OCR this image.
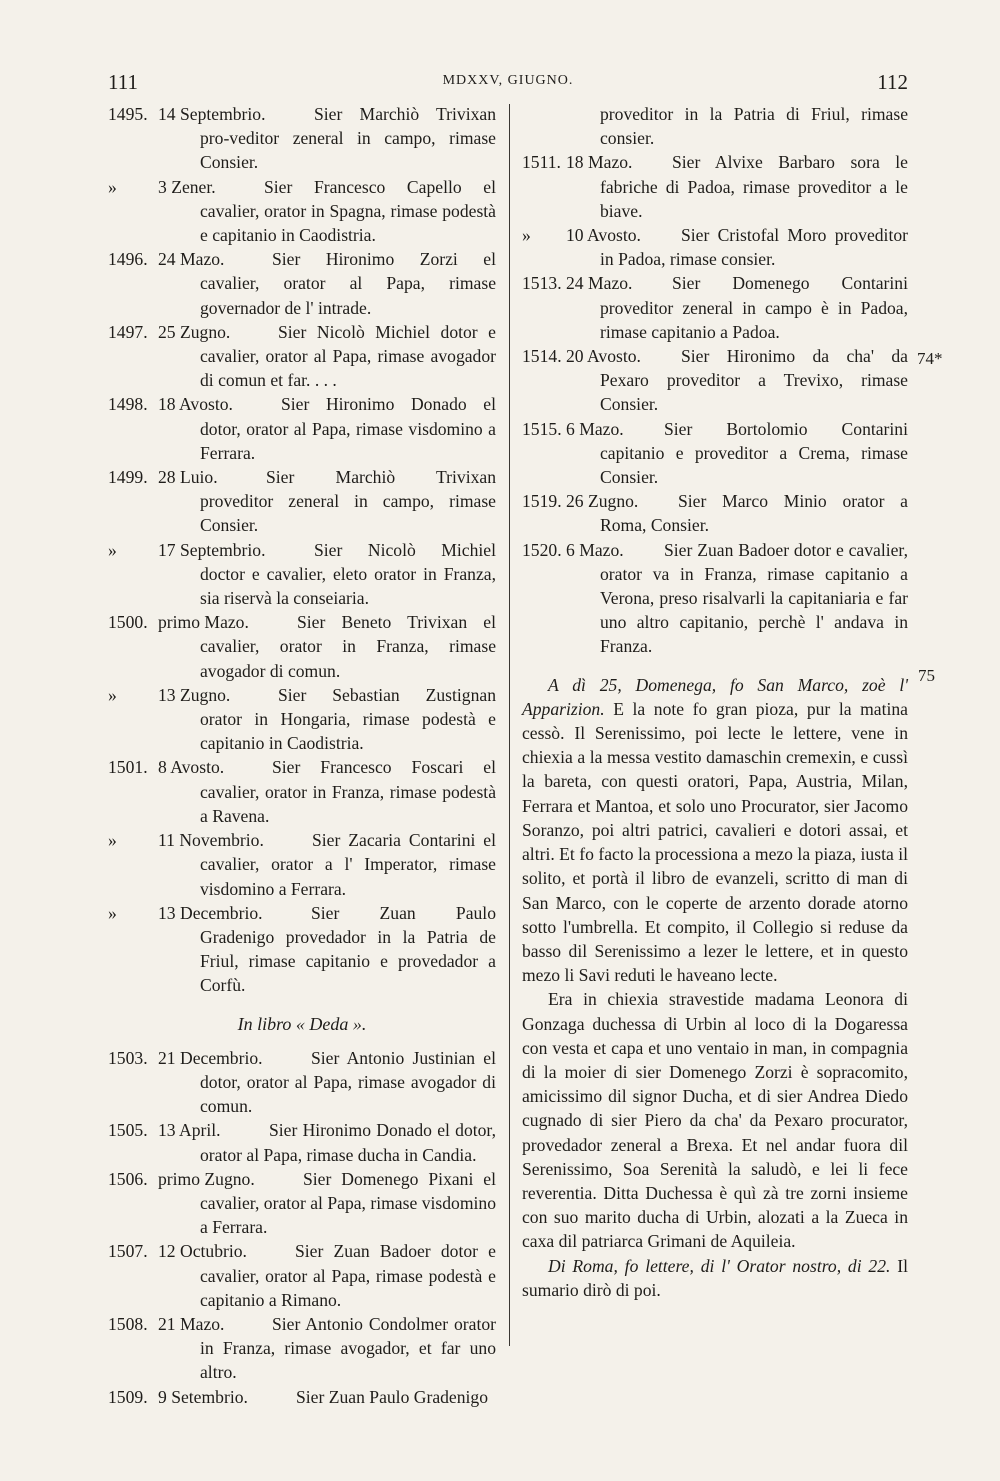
111	MDXXV, GIUGNO.	112
1495. 14 Septembrio.	Sier Marchiò Trivixan pro-veditor zeneral in campo, rimase Consier.
»	3 Zener.	Sier Francesco Capello el cavalier, orator in Spagna, rimase podestà e capitanio in Caodistria.
1496. 24 Mazo.	Sier Hironimo Zorzi el cavalier, orator al Papa, rimase governador de l' intrade.
1497. 25 Zugno.	Sier Nicolò Michiel dotor e cavalier, orator al Papa, rimase avogador di comun et far. . . .
1498. 18 Avosto.	Sier Hironimo Donado el dotor, orator al Papa, rimase visdomino a Ferrara.
1499. 28 Luio.	Sier Marchiò Trivixan proveditor zeneral in campo, rimase Consier.
»	17 Septembrio.	Sier Nicolò Michiel doctor e cavalier, eleto orator in Franza, sia riservà la conseiaria.
1500. primo Mazo.	Sier Beneto Trivixan el cavalier, orator in Franza, rimase avogador di comun.
»	13 Zugno.	Sier Sebastian Zustignan orator in Hongaria, rimase podestà e capitanio in Caodistria.
1501. 8 Avosto.	Sier Francesco Foscari el cavalier, orator in Franza, rimase podestà a Ravena.
»	11 Novembrio.	Sier Zacaria Contarini el cavalier, orator a l' Imperator, rimase visdomino a Ferrara.
»	13 Decembrio.	Sier Zuan Paulo Gradenigo provedador in la Patria de Friul, rimase capitanio e provedador a Corfù.
In libro « Deda ».
1503. 21 Decembrio.	Sier Antonio Justinian el dotor, orator al Papa, rimase avogador di comun.
1505. 13 April.	Sier Hironimo Donado el dotor, orator al Papa, rimase ducha in Candia.
1506. primo Zugno.	Sier Domenego Pixani el cavalier, orator al Papa, rimase visdomino a Ferrara.
1507. 12 Octubrio.	Sier Zuan Badoer dotor e cavalier, orator al Papa, rimase podestà e capitanio a Rimano.
1508. 21 Mazo.	Sier Antonio Condolmer orator in Franza, rimase avogador, et far uno altro.
1509. 9 Setembrio.	Sier Zuan Paulo Gradenigo
proveditor in la Patria di Friul, rimase consier.
1511. 18 Mazo. Sier Alvixe Barbaro sora le fabriche di Padoa, rimase proveditor a le biave.
»	10 Avosto. Sier Cristofal Moro proveditor in Padoa, rimase consier.
1513. 24 Mazo. Sier Domenego Contarini proveditor zeneral in campo è in Padoa, rimase capitanio a Padoa.
1514. 20 Avosto. Sier Hironimo da cha' da Pexaro proveditor a Trevixo, rimase Consier.
1515. 6 Mazo. Sier Bortolomio Contarini capitanio e proveditor a Crema, rimase Consier.
1519. 26 Zugno. Sier Marco Minio orator a Roma, Consier.
1520. 6 Mazo. Sier Zuan Badoer dotor e cavalier, orator va in Franza, rimase capitanio a Verona, preso risalvarli la capitaniaria e far uno altro capitanio, perchè l' andava in Franza.

A dì 25, Domenega, fo San Marco, zoè l' Apparizion. E la note fo gran pioza, pur la matina cessò. Il Serenissimo, poi lecte le lettere, vene in chiexia a la messa vestito damaschin cremexin, e cussì la bareta, con questi oratori, Papa, Austria, Milan, Ferrara et Mantoa, et solo uno Procurator, sier Jacomo Soranzo, poi altri patrici, cavalieri e dotori assai, et altri. Et fo facto la processiona a mezo la piaza, iusta il solito, et portà il libro de evanzeli, scritto di man di San Marco, con le coperte de arzento dorade atorno sotto l'umbrella. Et compito, il Collegio si reduse da basso dil Serenissimo a lezer le lettere, et in questo mezo li Savi reduti le haveano lecte.

Era in chiexia stravestide madama Leonora di Gonzaga duchessa di Urbin al loco di la Dogaressa con vesta et capa et uno ventaio in man, in compagnia di la moier di sier Domenego Zorzi è sopracomito, amicissimo dil signor Ducha, et di sier Andrea Diedo cugnado di sier Piero da cha' da Pexaro procurator, provedador zeneral a Brexa. Et nel andar fuora dil Serenissimo, Soa Serenità la saludò, e lei li fece reverentia. Ditta Duchessa è quì zà tre zorni insieme con suo marito ducha di Urbin, alozati a la Zueca in caxa dil patriarca Grimani de Aquileia.

Di Roma, fo lettere, di l' Orator nostro, di 22. Il sumario dirò di poi.

74*
75
